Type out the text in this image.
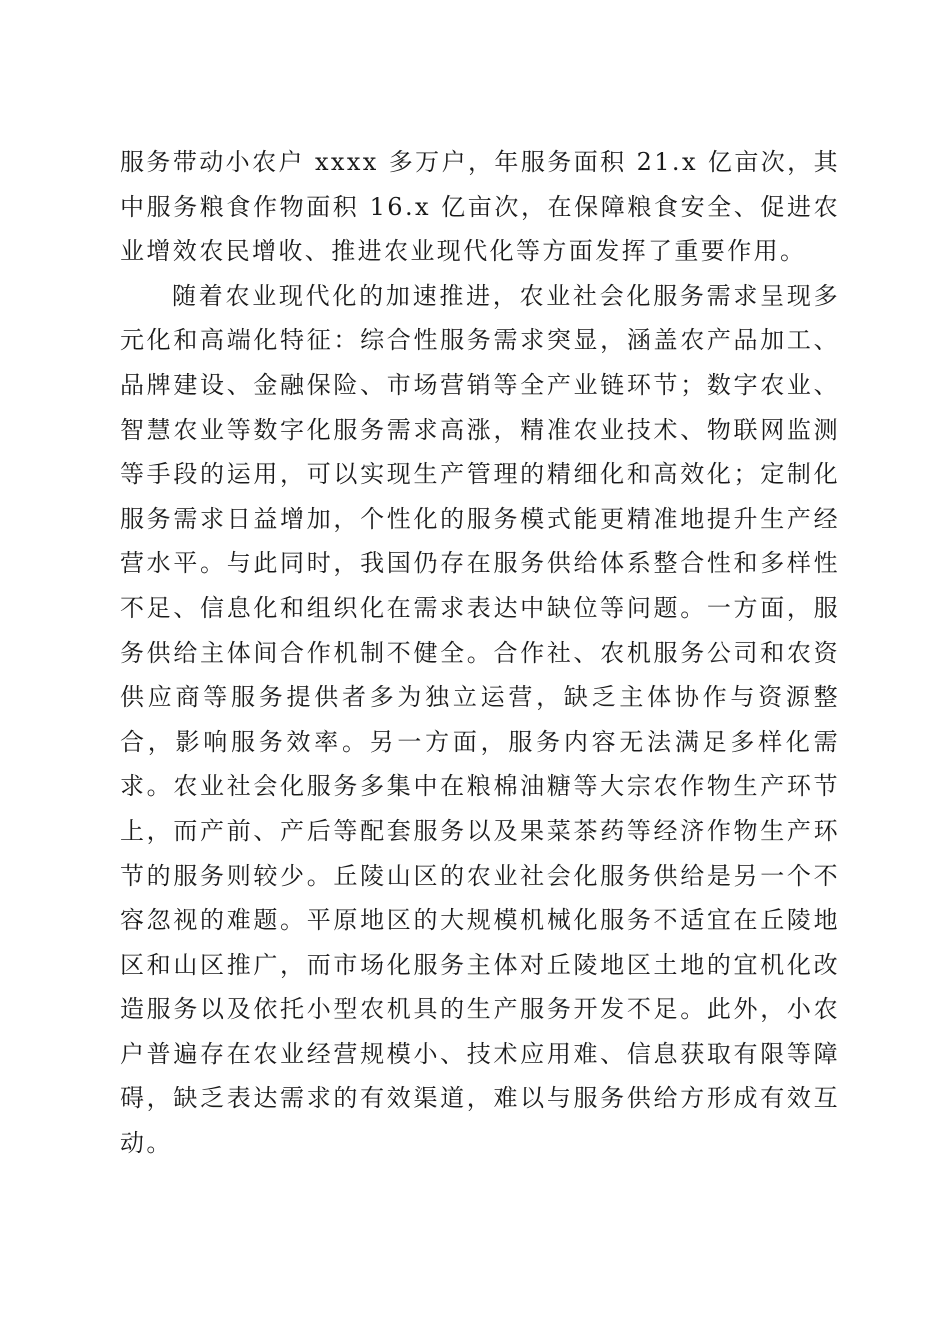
服务带动小农户 xxxx 多万户，年服务面积 21.x 亿亩次，其中服务粮食作物面积 16.x 亿亩次，在保障粮食安全、促进农业增效农民增收、推进农业现代化等方面发挥了重要作用。

随着农业现代化的加速推进，农业社会化服务需求呈现多元化和高端化特征：综合性服务需求突显，涵盖农产品加工、品牌建设、金融保险、市场营销等全产业链环节；数字农业、智慧农业等数字化服务需求高涨，精准农业技术、物联网监测等手段的运用，可以实现生产管理的精细化和高效化；定制化服务需求日益增加，个性化的服务模式能更精准地提升生产经营水平。与此同时，我国仍存在服务供给体系整合性和多样性不足、信息化和组织化在需求表达中缺位等问题。一方面，服务供给主体间合作机制不健全。合作社、农机服务公司和农资供应商等服务提供者多为独立运营，缺乏主体协作与资源整合，影响服务效率。另一方面，服务内容无法满足多样化需求。农业社会化服务多集中在粮棉油糖等大宗农作物生产环节上，而产前、产后等配套服务以及果菜茶药等经济作物生产环节的服务则较少。丘陵山区的农业社会化服务供给是另一个不容忽视的难题。平原地区的大规模机械化服务不适宜在丘陵地区和山区推广，而市场化服务主体对丘陵地区土地的宜机化改造服务以及依托小型农机具的生产服务开发不足。此外，小农户普遍存在农业经营规模小、技术应用难、信息获取有限等障碍，缺乏表达需求的有效渠道，难以与服务供给方形成有效互动。
